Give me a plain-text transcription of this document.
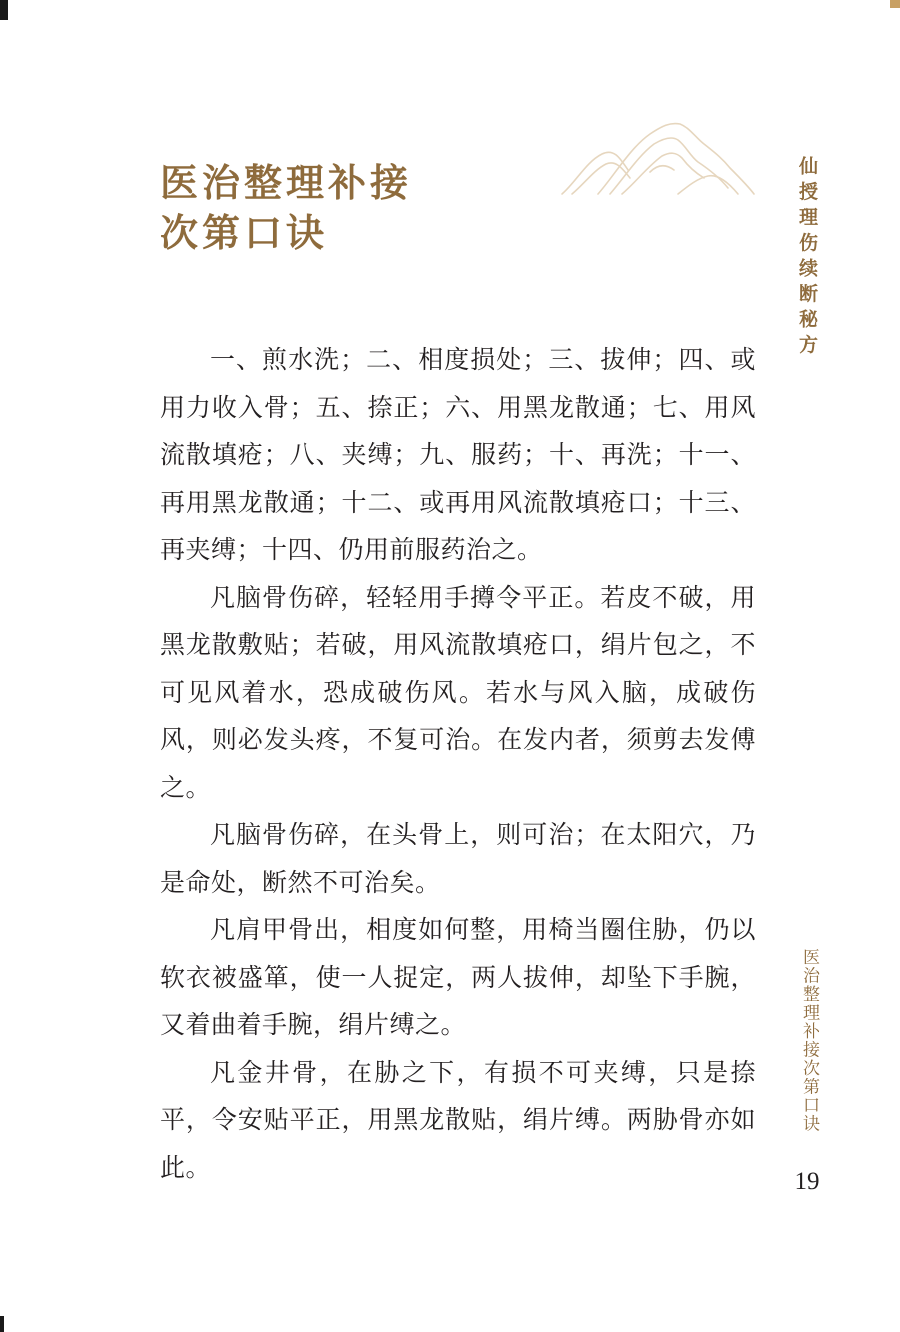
医治整理补接
次第口诀

一、煎水洗；二、相度损处；三、拔伸；四、或用力收入骨；五、捺正；六、用黑龙散通；七、用风流散填疮；八、夹缚；九、服药；十、再洗；十一、再用黑龙散通；十二、或再用风流散填疮口；十三、再夹缚；十四、仍用前服药治之。

凡脑骨伤碎，轻轻用手撙令平正。若皮不破，用黑龙散敷贴；若破，用风流散填疮口，绢片包之，不可见风着水，恐成破伤风。若水与风入脑，成破伤风，则必发头疼，不复可治。在发内者，须剪去发傅之。

凡脑骨伤碎，在头骨上，则可治；在太阳穴，乃是命处，断然不可治矣。

凡肩甲骨出，相度如何整，用椅当圈住胁，仍以软衣被盛箪，使一人捉定，两人拔伸，却坠下手腕，又着曲着手腕，绢片缚之。

凡金井骨，在胁之下，有损不可夹缚，只是捺平，令安贴平正，用黑龙散贴，绢片缚。两胁骨亦如此。

仙授理伤续断秘方
医治整理补接次第口诀
19
